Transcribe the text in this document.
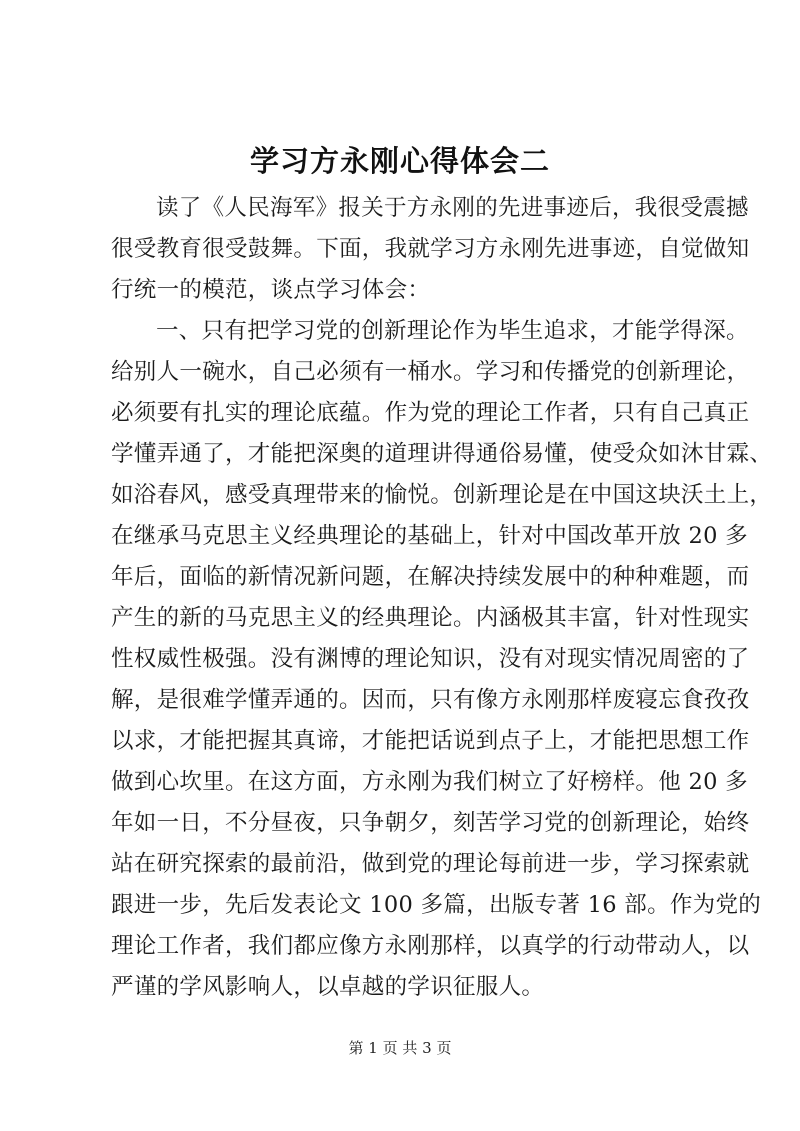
学习方永刚心得体会二
读了《人民海军》报关于方永刚的先进事迹后，我很受震撼
很受教育很受鼓舞。下面，我就学习方永刚先进事迹，自觉做知
行统一的模范，谈点学习体会：
一、只有把学习党的创新理论作为毕生追求，才能学得深。
给别人一碗水，自己必须有一桶水。学习和传播党的创新理论，
必须要有扎实的理论底蕴。作为党的理论工作者，只有自己真正
学懂弄通了，才能把深奥的道理讲得通俗易懂，使受众如沐甘霖、
如浴春风，感受真理带来的愉悦。创新理论是在中国这块沃土上，
在继承马克思主义经典理论的基础上，针对中国改革开放 20 多
年后，面临的新情况新问题，在解决持续发展中的种种难题，而
产生的新的马克思主义的经典理论。内涵极其丰富，针对性现实
性权威性极强。没有渊博的理论知识，没有对现实情况周密的了
解，是很难学懂弄通的。因而，只有像方永刚那样废寝忘食孜孜
以求，才能把握其真谛，才能把话说到点子上，才能把思想工作
做到心坎里。在这方面，方永刚为我们树立了好榜样。他 20 多
年如一日，不分昼夜，只争朝夕，刻苦学习党的创新理论，始终
站在研究探索的最前沿，做到党的理论每前进一步，学习探索就
跟进一步，先后发表论文 100 多篇，出版专著 16 部。作为党的
理论工作者，我们都应像方永刚那样，以真学的行动带动人，以
严谨的学风影响人，以卓越的学识征服人。
第 1 页 共 3 页
